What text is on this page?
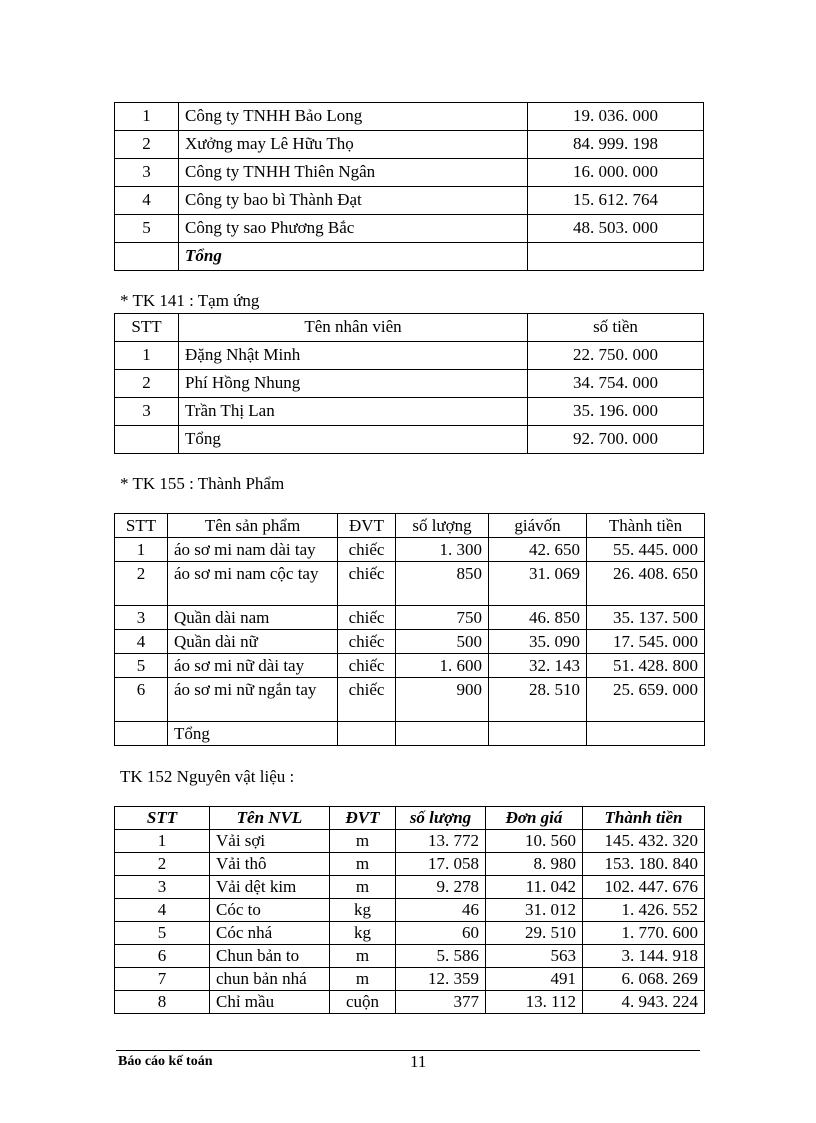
1	Công ty TNHH Bảo Long	19. 036. 000
2	Xưởng may Lê Hữu Thọ	84. 999. 198
3	Công ty TNHH Thiên Ngân	16. 000. 000
4	Công ty bao bì Thành Đạt	15. 612. 764
5	Công ty sao Phương Bắc	48. 503. 000
	Tổng	
* TK 141 : Tạm ứng
STT	Tên nhân viên	số tiền
1	Đặng Nhật Minh	22. 750. 000
2	Phí Hồng Nhung	34. 754. 000
3	Trần Thị Lan	35. 196. 000
	Tổng	92. 700. 000
* TK 155 : Thành Phẩm
STT	Tên sản phẩm	ĐVT	số lượng	giávốn	Thành tiền
1	áo sơ mi nam dài tay	chiếc	1. 300	42. 650	55. 445. 000
2	áo sơ mi nam cộc tay	chiếc	850	31. 069	26. 408. 650
3	Quần dài nam	chiếc	750	46. 850	35. 137. 500
4	Quần dài nữ	chiếc	500	35. 090	17. 545. 000
5	áo sơ mi nữ dài tay	chiếc	1. 600	32. 143	51. 428. 800
6	áo sơ mi nữ ngắn tay	chiếc	900	28. 510	25. 659. 000
	Tổng				
TK 152 Nguyên vật liệu :
STT	Tên NVL	ĐVT	số lượng	Đơn giá	Thành tiền
1	Vải sợi	m	13. 772	10. 560	145. 432. 320
2	Vải thô	m	17. 058	8. 980	153. 180. 840
3	Vải dệt kim	m	9. 278	11. 042	102. 447. 676
4	Cóc to	kg	46	31. 012	1. 426. 552
5	Cóc nhá	kg	60	29. 510	1. 770. 600
6	Chun bản to	m	5. 586	563	3. 144. 918
7	chun bản nhá	m	12. 359	491	6. 068. 269
8	Chỉ mầu	cuộn	377	13. 112	4. 943. 224
Báo cáo kế toán	11
